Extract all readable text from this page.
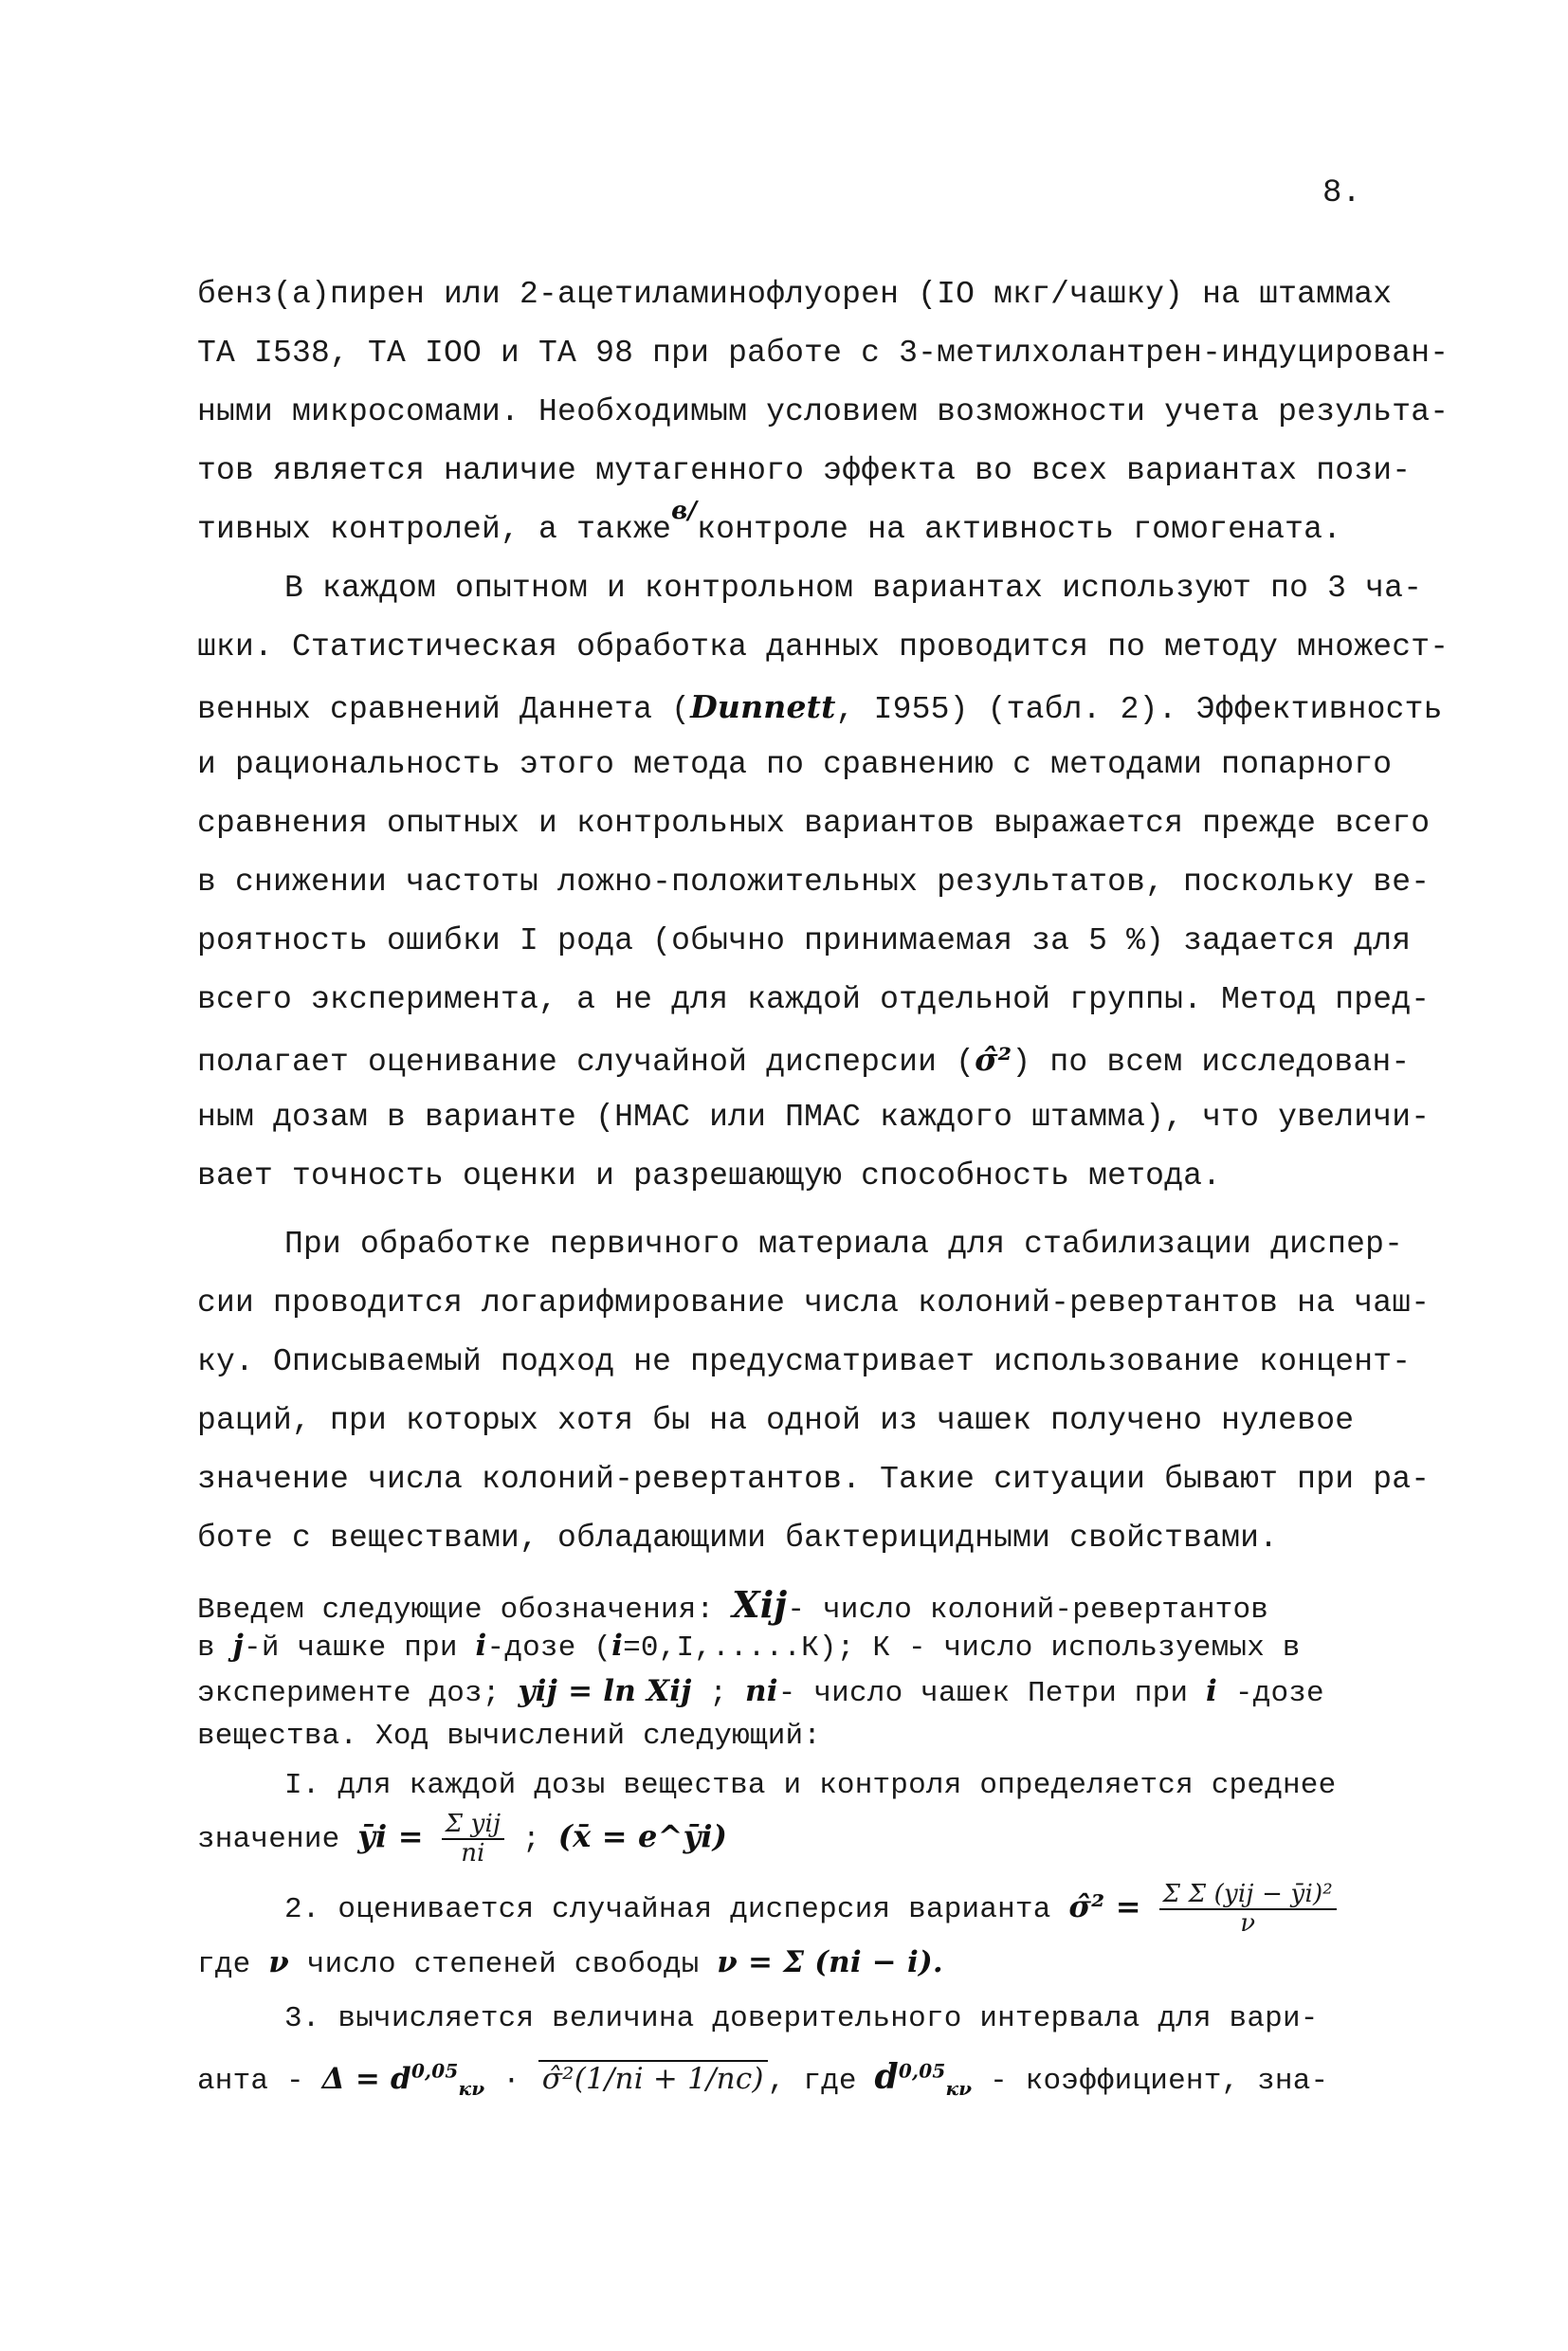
8.
бенз(а)пирен или 2-ацетиламинофлуорен (IO мкг/чашку) на штаммах
ТА I538, ТА IOO и ТА 98 при работе с 3-метилхолантрен-индуцирован-
ными микросомами. Необходимым условием возможности учета результа-
тов является наличие мутагенного эффекта во всех вариантах пози-
тивных контролей, а также$^{в/}$контроле на активность гомогената.
В каждом опытном и контрольном вариантах используют по 3 ча-
шки. Статистическая обработка данных проводится по методу множест-
венных сравнений Даннета (Dunnett, I955) (табл. 2). Эффективность
и рациональность этого метода по сравнению с методами попарного
сравнения опытных и контрольных вариантов выражается прежде всего
в снижении частоты ложно-положительных результатов, поскольку ве-
роятность ошибки I рода (обычно принимаемая за 5 %) задается для
всего эксперимента, а не для каждой отдельной группы. Метод пред-
полагает оценивание случайной дисперсии (σ̂²) по всем исследован-
ным дозам в варианте (НМАС или ПМАС каждого штамма), что увеличи-
вает точность оценки и разрешающую способность метода.
При обработке первичного материала для стабилизации диспер-
сии проводится логарифмирование числа колоний-ревертантов на чаш-
ку. Описываемый подход не предусматривает использование концент-
раций, при которых хотя бы на одной из чашек получено нулевое
значение числа колоний-ревертантов. Такие ситуации бывают при ра-
боте с веществами, обладающими бактерицидными свойствами.
Введем следующие обозначения: Xij- число колоний-ревертантов
в j-й чашке при i-дозе (i=0,I,.....К); К - число используемых в
эксперименте доз; yij = ln Xij ; ni- число чашек Петри при i -дозе
вещества. Ход вычислений следующий:
I. для каждой дозы вещества и контроля определяется среднее
значение ȳi = $\frac{\text{Σ yij}}{ni}$ ; (x̄ = e^ȳi)
2. оценивается случайная дисперсия варианта σ̂² = $\frac{\text{Σ Σ (yij − ȳi)²}}{\nu}$
где ν число степеней свободы ν = Σ (ni − i).
3. вычисляется величина доверительного интервала для вари-
анта - $\Delta = d^{0,05}_{к\nu}$ · σ̂²(1/ni + 1/nc) , где $d^{0,05}_{к\nu}$ - коэффициент, зна-
